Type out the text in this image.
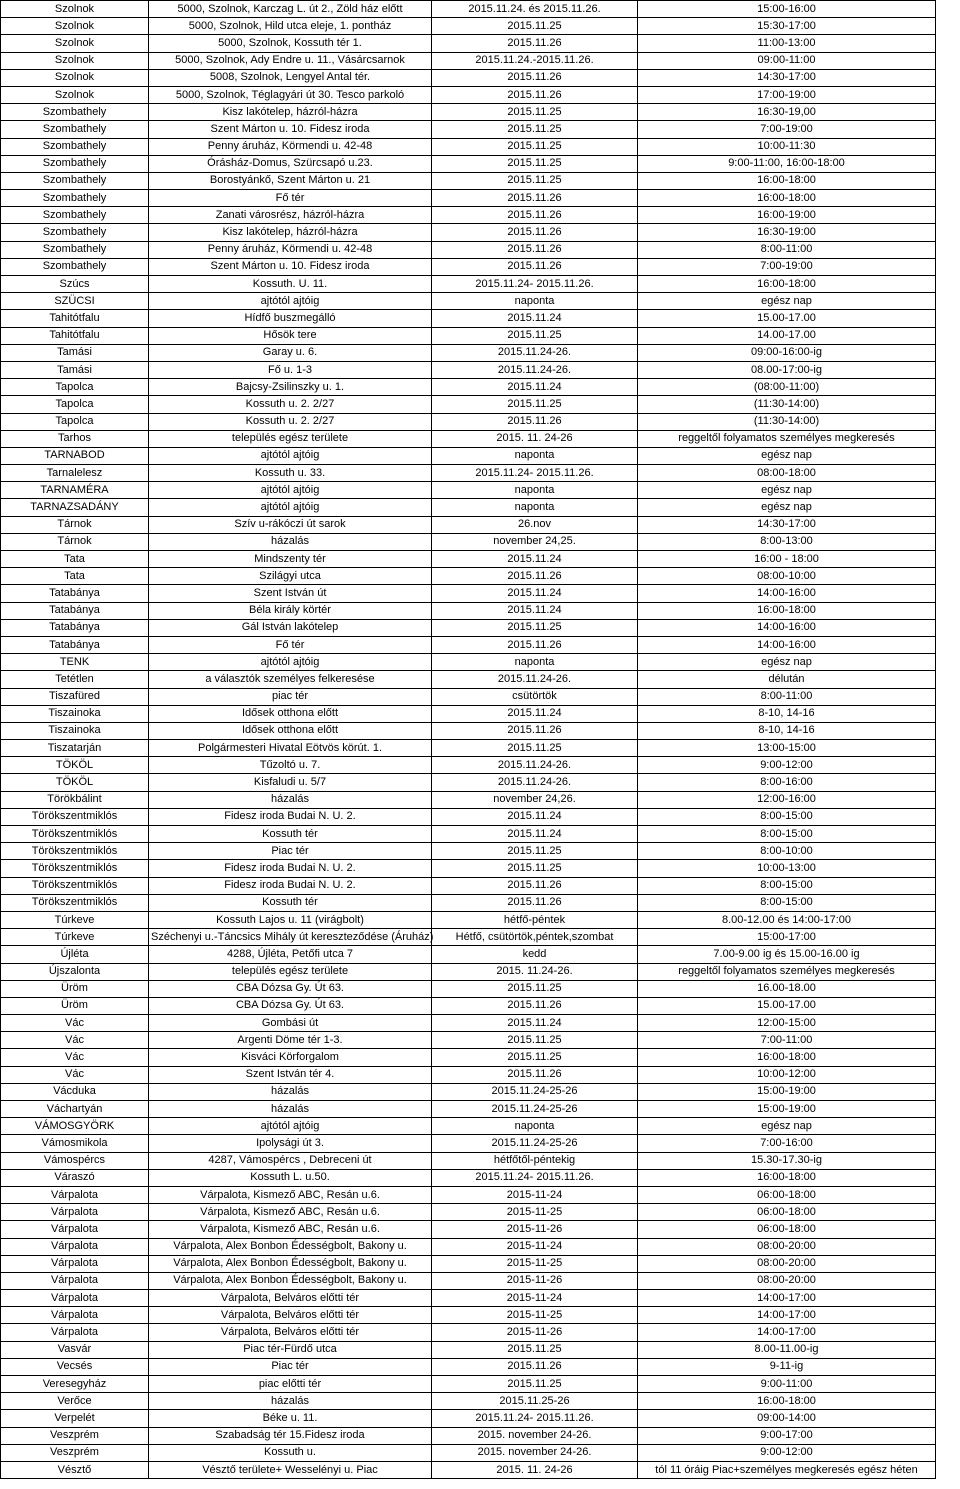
Szolnok	5000, Szolnok, Karczag L. út 2., Zöld ház előtt	2015.11.24. és 2015.11.26.	15:00-16:00
Szolnok	5000, Szolnok, Hild utca eleje, 1. pontház	2015.11.25	15:30-17:00
Szolnok	5000, Szolnok, Kossuth tér 1.	2015.11.26	11:00-13:00
Szolnok	5000, Szolnok, Ady Endre u. 11., Vásárcsarnok	2015.11.24.-2015.11.26.	09:00-11:00
Szolnok	5008, Szolnok, Lengyel Antal tér.	2015.11.26	14:30-17:00
Szolnok	5000, Szolnok, Téglagyári út 30. Tesco parkoló	2015.11.26	17:00-19:00
Szombathely	Kisz lakótelep, házról-házra	2015.11.25	16:30-19,00
Szombathely	Szent Márton u. 10. Fidesz iroda	2015.11.25	7:00-19:00
Szombathely	Penny áruház, Körmendi u. 42-48	2015.11.25	10:00-11:30
Szombathely	Órásház-Domus, Szürcsapó u.23.	2015.11.25	9:00-11:00, 16:00-18:00
Szombathely	Borostyánkő, Szent Márton u. 21	2015.11.25	16:00-18:00
Szombathely	Fő tér	2015.11.26	16:00-18:00
Szombathely	Zanati városrész, házról-házra	2015.11.26	16:00-19:00
Szombathely	Kisz lakótelep, házról-házra	2015.11.26	16:30-19:00
Szombathely	Penny áruház, Körmendi u. 42-48	2015.11.26	8:00-11:00
Szombathely	Szent Márton u. 10. Fidesz iroda	2015.11.26	7:00-19:00
Szúcs	Kossuth. U. 11.	2015.11.24- 2015.11.26.	16:00-18:00
SZÜCSI	ajtótól ajtóig	naponta	egész nap
Tahitótfalu	Hídfő buszmegálló	2015.11.24	15.00-17.00
Tahitótfalu	Hősök tere	2015.11.25	14.00-17.00
Tamási	Garay u. 6.	2015.11.24-26.	09:00-16:00-ig
Tamási	Fő u. 1-3	2015.11.24-26.	08.00-17:00-ig
Tapolca	Bajcsy-Zsilinszky u. 1.	2015.11.24	(08:00-11:00)
Tapolca	Kossuth u. 2. 2/27	2015.11.25	(11:30-14:00)
Tapolca	Kossuth u. 2. 2/27	2015.11.26	(11:30-14:00)
Tarhos	település egész területe	2015. 11. 24-26	reggeltől folyamatos személyes megkeresés
TARNABOD	ajtótól ajtóig	naponta	egész nap
Tarnalelesz	Kossuth u. 33.	2015.11.24- 2015.11.26.	08:00-18:00
TARNAMÉRA	ajtótól ajtóig	naponta	egész nap
TARNAZSADÁNY	ajtótól ajtóig	naponta	egész nap
Tárnok	Szív u-rákóczi út sarok	26.nov	14:30-17:00
Tárnok	házalás	november 24,25.	8:00-13:00
Tata	Mindszenty tér	2015.11.24	16:00 - 18:00
Tata	Szilágyi utca	2015.11.26	08:00-10:00
Tatabánya	Szent István út	2015.11.24	14:00-16:00
Tatabánya	Béla király körtér	2015.11.24	16:00-18:00
Tatabánya	Gál István lakótelep	2015.11.25	14:00-16:00
Tatabánya	Fő tér	2015.11.26	14:00-16:00
TENK	ajtótól ajtóig	naponta	egész nap
Tetétlen	a választók személyes felkeresése	2015.11.24-26.	délután
Tiszafüred	piac tér	csütörtök	8:00-11:00
Tiszainoka	Idősek otthona előtt	2015.11.24	8-10, 14-16
Tiszainoka	Idősek otthona előtt	2015.11.26	8-10, 14-16
Tiszatarján	Polgármesteri Hivatal Eötvös körút. 1.	2015.11.25	13:00-15:00
TÖKÖL	Tűzoltó u. 7.	2015.11.24-26.	9:00-12:00
TÖKÖL	Kisfaludi u. 5/7	2015.11.24-26.	8:00-16:00
Törökbálint	házalás	november 24,26.	12:00-16:00
Törökszentmiklós	Fidesz iroda Budai N. U. 2.	2015.11.24	8:00-15:00
Törökszentmiklós	Kossuth tér	2015.11.24	8:00-15:00
Törökszentmiklós	Piac tér	2015.11.25	8:00-10:00
Törökszentmiklós	Fidesz iroda Budai N. U. 2.	2015.11.25	10:00-13:00
Törökszentmiklós	Fidesz iroda Budai N. U. 2.	2015.11.26	8:00-15:00
Törökszentmiklós	Kossuth tér	2015.11.26	8:00-15:00
Túrkeve	Kossuth Lajos u. 11 (virágbolt)	hétfő-péntek	8.00-12.00 és 14:00-17:00
Túrkeve	Széchenyi u.-Táncsics Mihály út kereszteződése (Áruház)	Hétfő, csütörtök,péntek,szombat	15:00-17:00
Újléta	4288, Újléta, Petőfi utca 7	kedd	7.00-9.00 ig és 15.00-16.00 ig
Újszalonta	település egész területe	2015. 11.24-26.	reggeltől folyamatos személyes megkeresés
Üröm	CBA Dózsa Gy. Út 63.	2015.11.25	16.00-18.00
Üröm	CBA Dózsa Gy. Út 63.	2015.11.26	15.00-17.00
Vác	Gombási út	2015.11.24	12:00-15:00
Vác	Argenti Döme tér 1-3.	2015.11.25	7:00-11:00
Vác	Kisváci Körforgalom	2015.11.25	16:00-18:00
Vác	Szent István tér 4.	2015.11.26	10:00-12:00
Vácduka	házalás	2015.11.24-25-26	15:00-19:00
Váchartyán	házalás	2015.11.24-25-26	15:00-19:00
VÁMOSGYÖRK	ajtótól ajtóig	naponta	egész nap
Vámosmikola	Ipolysági út 3.	2015.11.24-25-26	7:00-16:00
Vámospércs	4287, Vámospércs , Debreceni út	hétfőtől-péntekig	15.30-17.30-ig
Váraszó	Kossuth L. u.50.	2015.11.24- 2015.11.26.	16:00-18:00
Várpalota	Várpalota, Kismező ABC, Resán u.6.	2015-11-24	06:00-18:00
Várpalota	Várpalota, Kismező ABC, Resán u.6.	2015-11-25	06:00-18:00
Várpalota	Várpalota, Kismező ABC, Resán u.6.	2015-11-26	06:00-18:00
Várpalota	Várpalota, Alex Bonbon Édességbolt, Bakony u.	2015-11-24	08:00-20:00
Várpalota	Várpalota, Alex Bonbon Édességbolt, Bakony u.	2015-11-25	08:00-20:00
Várpalota	Várpalota, Alex Bonbon Édességbolt, Bakony u.	2015-11-26	08:00-20:00
Várpalota	Várpalota, Belváros előtti tér	2015-11-24	14:00-17:00
Várpalota	Várpalota, Belváros előtti tér	2015-11-25	14:00-17:00
Várpalota	Várpalota, Belváros előtti tér	2015-11-26	14:00-17:00
Vasvár	Piac tér-Fürdő utca	2015.11.25	8.00-11.00-ig
Vecsés	Piac tér	2015.11.26	9-11-ig
Veresegyház	piac előtti tér	2015.11.25	9:00-11:00
Verőce	házalás	2015.11.25-26	16:00-18:00
Verpelét	Béke u. 11.	2015.11.24- 2015.11.26.	09:00-14:00
Veszprém	Szabadság tér 15.Fidesz iroda	2015. november 24-26.	9:00-17:00
Veszprém	Kossuth u.	2015. november 24-26.	9:00-12:00
Vésztő	Vésztő területe+ Wesselényi u. Piac	2015. 11. 24-26	tól 11 óráig Piac+személyes megkeresés egész héten
